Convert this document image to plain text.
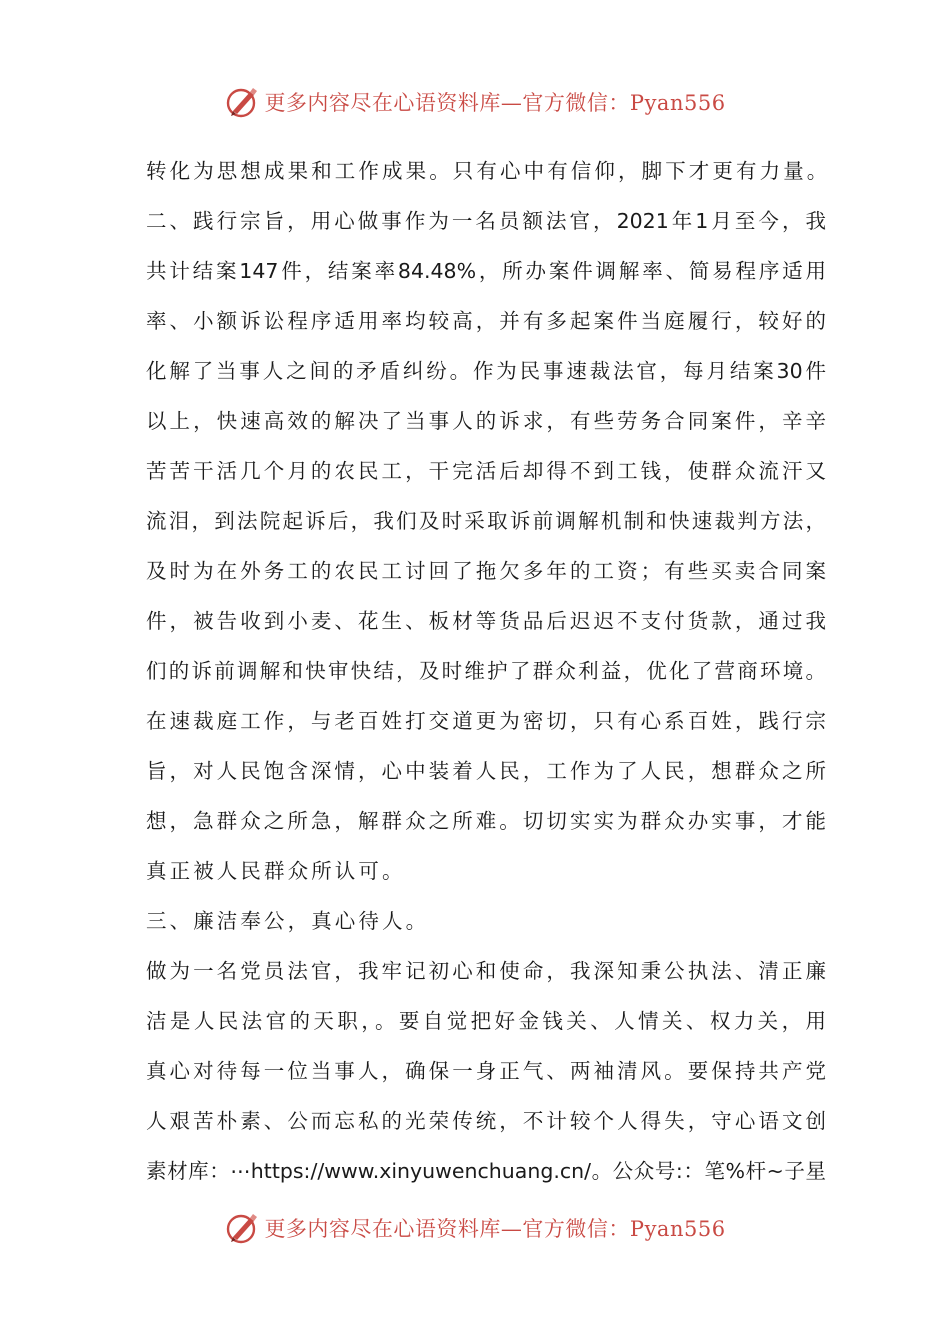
更多内容尽在心语资料库—官方微信：Pyan556
转化为思想成果和工作成果。只有心中有信仰，脚下才更有力量。
二、践行宗旨，用心做事作为一名员额法官，2021年1月至今，我
共计结案147件，结案率84.48%，所办案件调解率、简易程序适用
率、小额诉讼程序适用率均较高，并有多起案件当庭履行，较好的
化解了当事人之间的矛盾纠纷。作为民事速裁法官，每月结案30件
以上，快速高效的解决了当事人的诉求，有些劳务合同案件，辛辛
苦苦干活几个月的农民工，干完活后却得不到工钱，使群众流汗又
流泪，到法院起诉后，我们及时采取诉前调解机制和快速裁判方法，
及时为在外务工的农民工讨回了拖欠多年的工资；有些买卖合同案
件，被告收到小麦、花生、板材等货品后迟迟不支付货款，通过我
们的诉前调解和快审快结，及时维护了群众利益，优化了营商环境。
在速裁庭工作，与老百姓打交道更为密切，只有心系百姓，践行宗
旨，对人民饱含深情，心中装着人民，工作为了人民，想群众之所
想，急群众之所急，解群众之所难。切切实实为群众办实事，才能
真正被人民群众所认可。
三、廉洁奉公，真心待人。
做为一名党员法官，我牢记初心和使命，我深知秉公执法、清正廉
洁是人民法官的天职，。要自觉把好金钱关、人情关、权力关，用
真心对待每一位当事人，确保一身正气、两袖清风。要保持共产党
人艰苦朴素、公而忘私的光荣传统，不计较个人得失，守心语文创
素材库：⋯https://www.xinyuwenchuang.cn/。公众号:：笔%杆~子星
更多内容尽在心语资料库—官方微信：Pyan556
